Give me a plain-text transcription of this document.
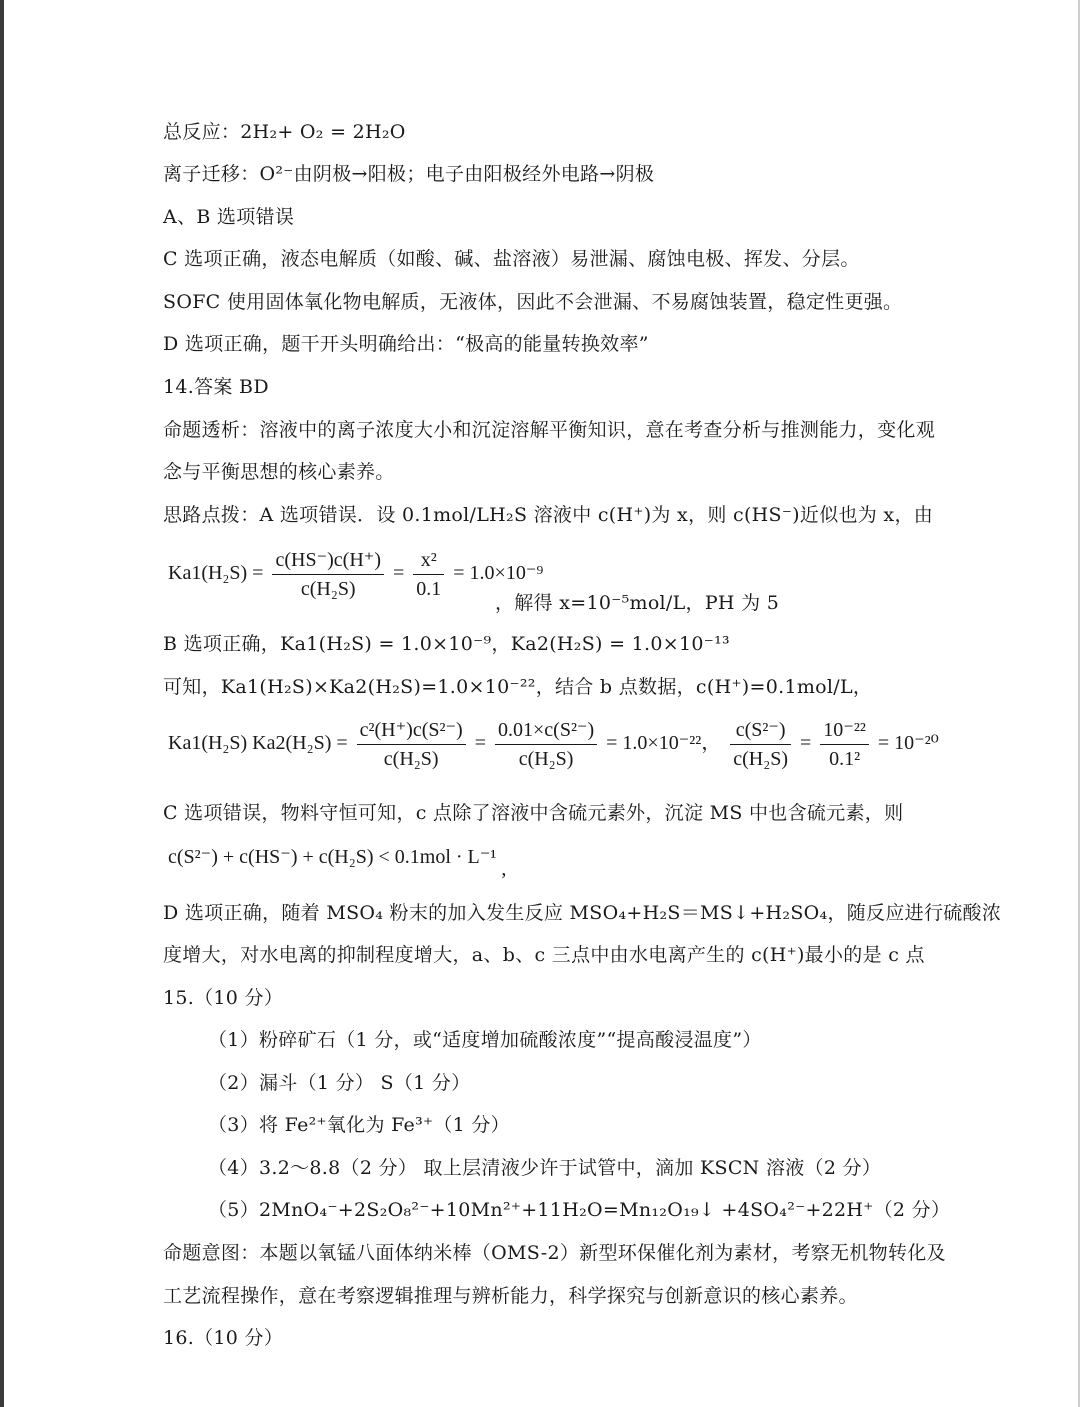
总反应：2H₂+ O₂ = 2H₂O
离子迁移：O²⁻由阴极→阳极；电子由阳极经外电路→阴极
A、B 选项错误
C 选项正确，液态电解质（如酸、碱、盐溶液）易泄漏、腐蚀电极、挥发、分层。
SOFC 使用固体氧化物电解质，无液体，因此不会泄漏、不易腐蚀装置，稳定性更强。
D 选项正确，题干开头明确给出：“极高的能量转换效率”
14.答案 BD
命题透析：溶液中的离子浓度大小和沉淀溶解平衡知识，意在考查分析与推测能力，变化观
念与平衡思想的核心素养。
思路点拨：A 选项错误．设 0.1mol/LH₂S 溶液中 c(H⁺)为 x，则 c(HS⁻)近似也为 x，由
$Ka1(H_2S) = \frac{c(HS^-)c(H^+)}{\text{c(H₂S)}} = \frac{\text{x²}}{0.1} = 1.0\times 10^{-9}$
，解得 x=10⁻⁵mol/L，PH 为 5
B 选项正确，Ka1(H₂S) = 1.0×10⁻⁹，Ka2(H₂S) = 1.0×10⁻¹³
可知，Ka1(H₂S)×Ka2(H₂S)=1.0×10⁻²²，结合 b 点数据，c(H⁺)=0.1mol/L，
Ka1(H₂S) $Ka2(H_2S) = \frac{\text{c²(H⁺)c(S²⁻)}}{\text{c(H₂S)}} = \frac{\text{0.01×c(S²⁻)}}{\text{c(H₂S)}} = 1.0\times 10^{-22}$， $\frac{\text{c(S²⁻)}}{\text{c(H₂S)}} = \frac{\text{10⁻²²}}{\text{0.1²}} = 10^{-20}$
C 选项错误，物料守恒可知，c 点除了溶液中含硫元素外，沉淀 MS 中也含硫元素，则
c(S²⁻) + c(HS⁻) + c(H₂S) < 0.1mol · L⁻¹ ,
D 选项正确，随着 MSO₄ 粉末的加入发生反应 MSO₄+H₂S＝MS↓+H₂SO₄，随反应进行硫酸浓
度增大，对水电离的抑制程度增大，a、b、c 三点中由水电离产生的 c(H⁺)最小的是 c 点
15.（10 分）
（1）粉碎矿石（1 分，或“适度增加硫酸浓度”“提高酸浸温度”）
（2）漏斗（1 分） S（1 分）
（3）将 Fe²⁺氧化为 Fe³⁺（1 分）
（4）3.2～8.8（2 分） 取上层清液少许于试管中，滴加 KSCN 溶液（2 分）
（5）2MnO₄⁻+2S₂O₈²⁻+10Mn²⁺+11H₂O=Mn₁₂O₁₉↓ +4SO₄²⁻+22H⁺（2 分）
命题意图：本题以氧锰八面体纳米棒（OMS-2）新型环保催化剂为素材，考察无机物转化及
工艺流程操作，意在考察逻辑推理与辨析能力，科学探究与创新意识的核心素养。
16.（10 分）
